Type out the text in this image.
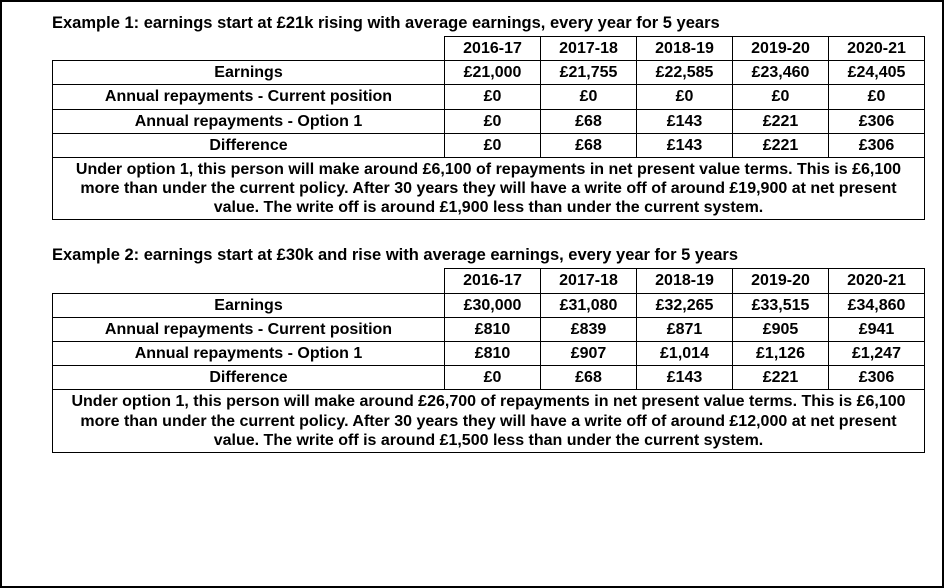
Example 1: earnings start at £21k rising with average earnings, every year for 5 years
	2016-17	2017-18	2018-19	2019-20	2020-21
Earnings	£21,000	£21,755	£22,585	£23,460	£24,405
Annual repayments - Current position	£0	£0	£0	£0	£0
Annual repayments - Option 1	£0	£68	£143	£221	£306
Difference	£0	£68	£143	£221	£306
Under option 1, this person will make around £6,100 of repayments in net present value terms. This is £6,100 more than under the current policy. After 30 years they will have a write off of around £19,900 at net present value. The write off is around £1,900 less than under the current system.					
Example 2: earnings start at £30k and rise with average earnings, every year for 5 years
	2016-17	2017-18	2018-19	2019-20	2020-21
Earnings	£30,000	£31,080	£32,265	£33,515	£34,860
Annual repayments - Current position	£810	£839	£871	£905	£941
Annual repayments - Option 1	£810	£907	£1,014	£1,126	£1,247
Difference	£0	£68	£143	£221	£306
Under option 1, this person will make around £26,700 of repayments in net present value terms. This is £6,100 more than under the current policy. After 30 years they will have a write off of around £12,000 at net present value. The write off is around £1,500 less than under the current system.					
